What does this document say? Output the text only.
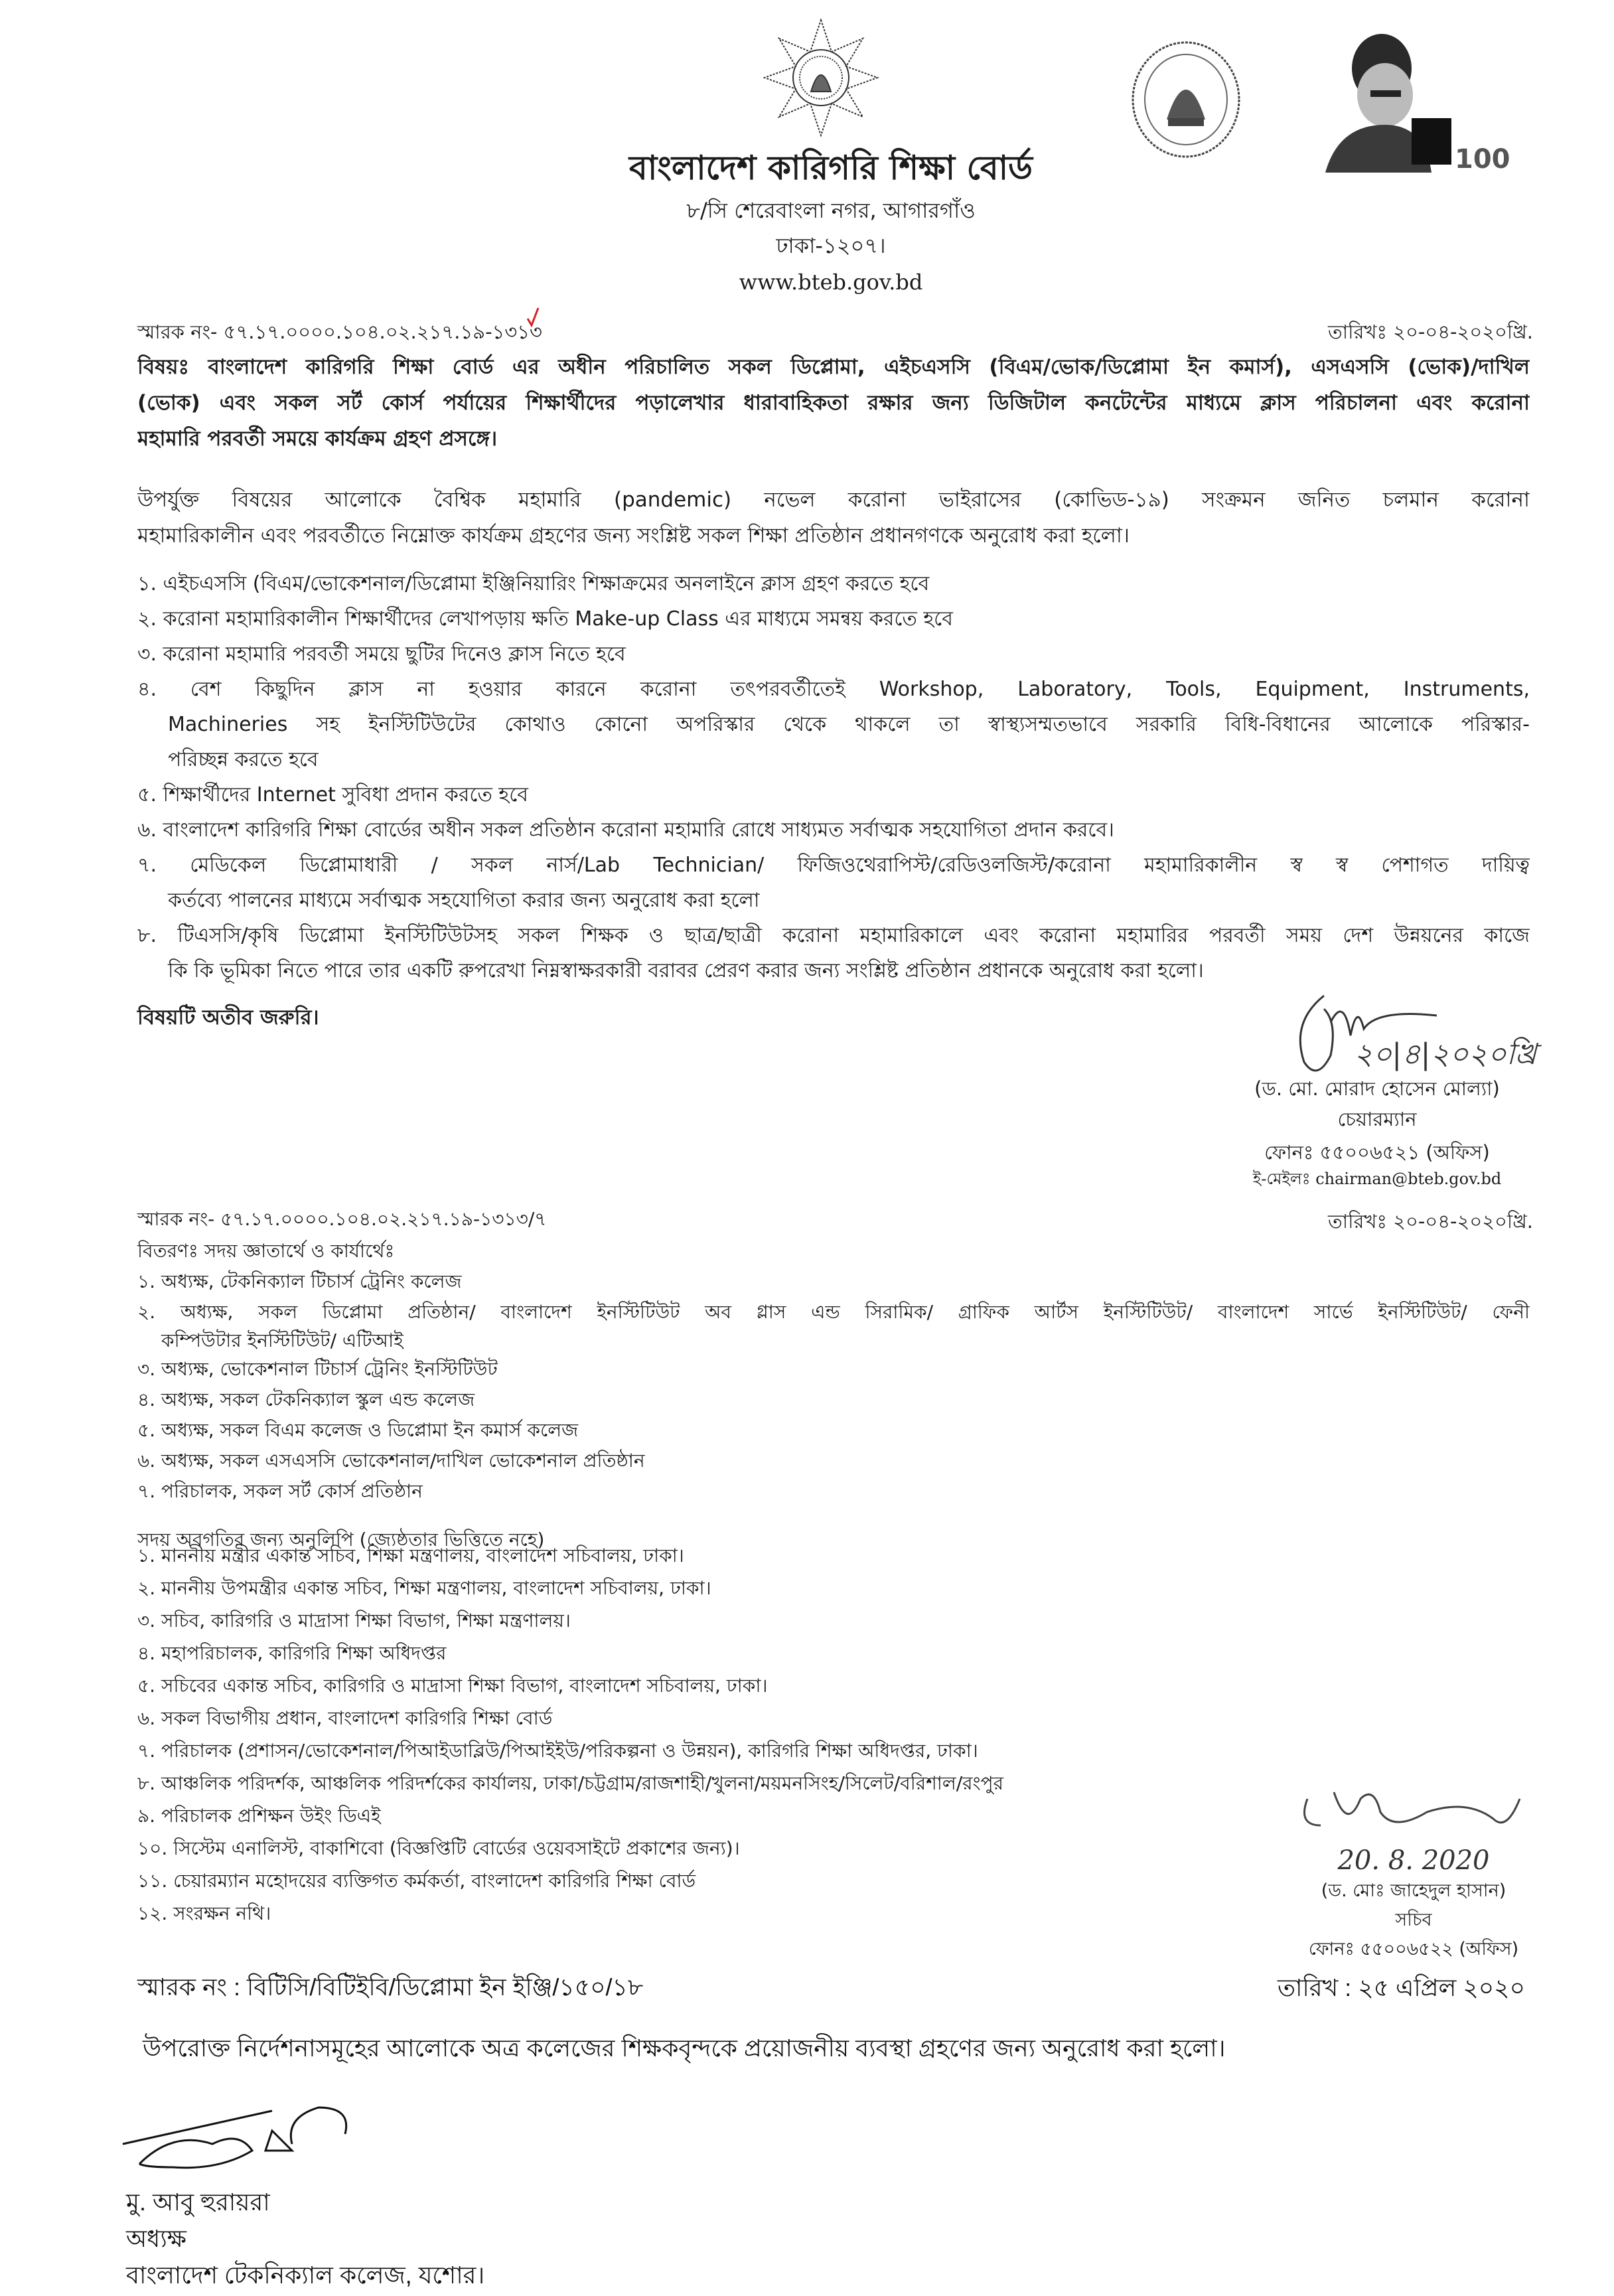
100
বাংলাদেশ কারিগরি শিক্ষা বোর্ড
৮/সি শেরেবাংলা নগর, আগারগাঁও
ঢাকা-১২০৭।
www.bteb.gov.bd
স্মারক নং- ৫৭.১৭.০০০০.১০৪.০২.২১৭.১৯-১৩১৩	তারিখঃ ২০-০৪-২০২০খ্রি.
বিষয়ঃ বাংলাদেশ কারিগরি শিক্ষা বোর্ড এর অধীন পরিচালিত সকল ডিপ্লোমা, এইচএসসি (বিএম/ভোক/ডিপ্লোমা ইন কমার্স), এসএসসি (ভোক)/দাখিল
(ভোক) এবং সকল সর্ট কোর্স পর্যায়ের শিক্ষার্থীদের পড়ালেখার ধারাবাহিকতা রক্ষার জন্য ডিজিটাল কনটেন্টের মাধ্যমে ক্লাস পরিচালনা এবং করোনা
মহামারি পরবর্তী সময়ে কার্যক্রম গ্রহণ প্রসঙ্গে।
উপর্যুক্ত বিষয়ের আলোকে বৈশ্বিক মহামারি (pandemic) নভেল করোনা ভাইরাসের (কোভিড-১৯) সংক্রমন জনিত চলমান করোনা
মহামারিকালীন এবং পরবর্তীতে নিম্নোক্ত কার্যক্রম গ্রহণের জন্য সংশ্লিষ্ট সকল শিক্ষা প্রতিষ্ঠান প্রধানগণকে অনুরোধ করা হলো।
১. এইচএসসি (বিএম/ভোকেশনাল/ডিপ্লোমা ইঞ্জিনিয়ারিং শিক্ষাক্রমের অনলাইনে ক্লাস গ্রহণ করতে হবে
২. করোনা মহামারিকালীন শিক্ষার্থীদের লেখাপড়ায় ক্ষতি Make-up Class এর মাধ্যমে সমন্বয় করতে হবে
৩. করোনা মহামারি পরবর্তী সময়ে ছুটির দিনেও ক্লাস নিতে হবে
৪. বেশ কিছুদিন ক্লাস না হওয়ার কারনে করোনা তৎপরবর্তীতেই Workshop, Laboratory, Tools, Equipment, Instruments,
Machineries সহ ইনস্টিটিউটের কোথাও কোনো অপরিস্কার থেকে থাকলে তা স্বাস্থ্যসম্মতভাবে সরকারি বিধি-বিধানের আলোকে পরিস্কার-
পরিচ্ছন্ন করতে হবে
৫. শিক্ষার্থীদের Internet সুবিধা প্রদান করতে হবে
৬. বাংলাদেশ কারিগরি শিক্ষা বোর্ডের অধীন সকল প্রতিষ্ঠান করোনা মহামারি রোধে সাধ্যমত সর্বাত্মক সহযোগিতা প্রদান করবে।
৭. মেডিকেল ডিপ্লোমাধারী / সকল নার্স/Lab Technician/ ফিজিওথেরাপিস্ট/রেডিওলজিস্ট/করোনা মহামারিকালীন স্ব স্ব পেশাগত দায়িত্ব
কর্তব্যে পালনের মাধ্যমে সর্বাত্মক সহযোগিতা করার জন্য অনুরোধ করা হলো
৮. টিএসসি/কৃষি ডিপ্লোমা ইনস্টিটিউটসহ সকল শিক্ষক ও ছাত্র/ছাত্রী করোনা মহামারিকালে এবং করোনা মহামারির পরবর্তী সময় দেশ উন্নয়নের কাজে
কি কি ভূমিকা নিতে পারে তার একটি রুপরেখা নিম্নস্বাক্ষরকারী বরাবর প্রেরণ করার জন্য সংশ্লিষ্ট প্রতিষ্ঠান প্রধানকে অনুরোধ করা হলো।
বিষয়টি অতীব জরুরি।
২০|৪|২০২০খ্রি
(ড. মো. মোরাদ হোসেন মোল্যা)
চেয়ারম্যান
ফোনঃ ৫৫০০৬৫২১ (অফিস)
ই-মেইলঃ chairman@bteb.gov.bd
স্মারক নং- ৫৭.১৭.০০০০.১০৪.০২.২১৭.১৯-১৩১৩/৭	তারিখঃ ২০-০৪-২০২০খ্রি.
বিতরণঃ সদয় জ্ঞাতার্থে ও কার্যার্থেঃ
১. অধ্যক্ষ, টেকনিক্যাল টিচার্স ট্রেনিং কলেজ
২. অধ্যক্ষ, সকল ডিপ্লোমা প্রতিষ্ঠান/ বাংলাদেশ ইনস্টিটিউট অব গ্লাস এন্ড সিরামিক/ গ্রাফিক আর্টস ইনস্টিটিউট/ বাংলাদেশ সার্ভে ইনস্টিটিউট/ ফেনী
কম্পিউটার ইনস্টিটিউট/ এটিআই
৩. অধ্যক্ষ, ভোকেশনাল টিচার্স ট্রেনিং ইনস্টিটিউট
৪. অধ্যক্ষ, সকল টেকনিক্যাল স্কুল এন্ড কলেজ
৫. অধ্যক্ষ, সকল বিএম কলেজ ও ডিপ্লোমা ইন কমার্স কলেজ
৬. অধ্যক্ষ, সকল এসএসসি ভোকেশনাল/দাখিল ভোকেশনাল প্রতিষ্ঠান
৭. পরিচালক, সকল সর্ট কোর্স প্রতিষ্ঠান
সদয় অবগতির জন্য অনুলিপি (জ্যেষ্ঠতার ভিত্তিতে নহে)
১. মাননীয় মন্ত্রীর একান্ত সচিব, শিক্ষা মন্ত্রণালয়, বাংলাদেশ সচিবালয়, ঢাকা।
২. মাননীয় উপমন্ত্রীর একান্ত সচিব, শিক্ষা মন্ত্রণালয়, বাংলাদেশ সচিবালয়, ঢাকা।
৩. সচিব, কারিগরি ও মাদ্রাসা শিক্ষা বিভাগ, শিক্ষা মন্ত্রণালয়।
৪. মহাপরিচালক, কারিগরি শিক্ষা অধিদপ্তর
৫. সচিবের একান্ত সচিব, কারিগরি ও মাদ্রাসা শিক্ষা বিভাগ, বাংলাদেশ সচিবালয়, ঢাকা।
৬. সকল বিভাগীয় প্রধান, বাংলাদেশ কারিগরি শিক্ষা বোর্ড
৭. পরিচালক (প্রশাসন/ভোকেশনাল/পিআইডাব্লিউ/পিআইইউ/পরিকল্পনা ও উন্নয়ন), কারিগরি শিক্ষা অধিদপ্তর, ঢাকা।
৮. আঞ্চলিক পরিদর্শক, আঞ্চলিক পরিদর্শকের কার্যালয়, ঢাকা/চট্টগ্রাম/রাজশাহী/খুলনা/ময়মনসিংহ/সিলেট/বরিশাল/রংপুর
৯. পরিচালক প্রশিক্ষন উইং ডিএই
১০. সিস্টেম এনালিস্ট, বাকাশিবো (বিজ্ঞপ্তিটি বোর্ডের ওয়েবসাইটে প্রকাশের জন্য)।
১১. চেয়ারম্যান মহোদয়ের ব্যক্তিগত কর্মকর্তা, বাংলাদেশ কারিগরি শিক্ষা বোর্ড
১২. সংরক্ষন নথি।
20. 8. 2020
(ড. মোঃ জাহেদুল হাসান)
সচিব
ফোনঃ ৫৫০০৬৫২২ (অফিস)
স্মারক নং : বিটিসি/বিটিইবি/ডিপ্লোমা ইন ইঞ্জি/১৫০/১৮	তারিখ : ২৫ এপ্রিল ২০২০
উপরোক্ত নির্দেশনাসমূহের আলোকে অত্র কলেজের শিক্ষকবৃন্দকে প্রয়োজনীয় ব্যবস্থা গ্রহণের জন্য অনুরোধ করা হলো।
মু. আবু হুরায়রা
অধ্যক্ষ
বাংলাদেশ টেকনিক্যাল কলেজ, যশোর।
